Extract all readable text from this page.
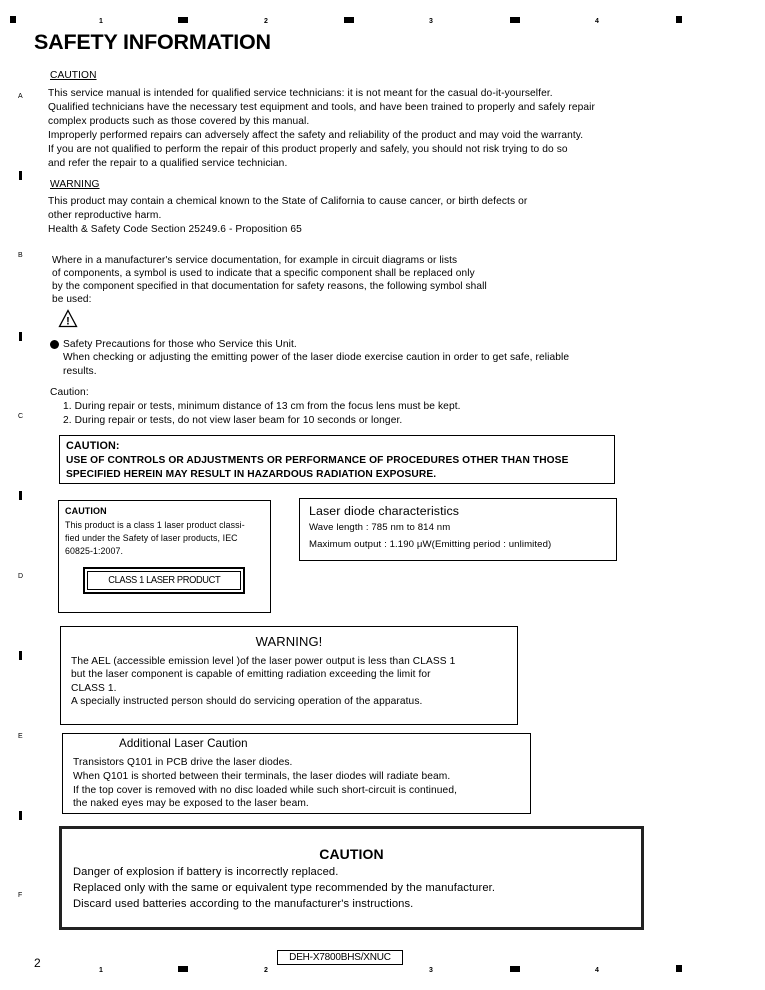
1	2	3	4
1	2	3	4
A
B
C
D
E
F
SAFETY INFORMATION
CAUTION
This service manual is intended for qualified service technicians: it is not meant for the casual do-it-yourselfer.
Qualified technicians have the necessary test equipment and tools, and have been trained to properly and safely repair
complex products such as those covered by this manual.
Improperly performed repairs can adversely affect the safety and reliability of the product and may void the warranty.
If you are not qualified to perform the repair of this product properly and safely, you should not risk trying to do so
and refer the repair to a qualified service technician.
WARNING
This product may contain a chemical known to the State of California to cause cancer, or birth defects or
other reproductive harm.
Health & Safety Code Section 25249.6 - Proposition 65
Where in a manufacturer's service documentation, for example in circuit diagrams or lists
of components, a symbol is used to indicate that a specific component shall be replaced only
by the component specified in that documentation for safety reasons, the following symbol shall
be used:
!
Safety Precautions for those who Service this Unit.
When checking or adjusting the emitting power of the laser diode exercise caution in order to get safe, reliable
results.
Caution:
1. During repair or tests, minimum distance of 13 cm from the focus lens must be kept.
2. During repair or tests, do not view laser beam for 10 seconds or longer.
CAUTION:
USE OF CONTROLS OR ADJUSTMENTS OR PERFORMANCE OF PROCEDURES OTHER THAN THOSE
SPECIFIED HEREIN MAY RESULT IN HAZARDOUS RADIATION EXPOSURE.
CAUTION
This product is a class 1 laser product classi-
fied under the Safety of laser products, IEC
60825-1:2007.
CLASS 1 LASER PRODUCT
Laser diode characteristics
Wave length : 785 nm to 814 nm
Maximum output : 1.190 μW(Emitting period : unlimited)
WARNING!
The AEL (accessible emission level )of the laser power output is less than CLASS 1
but the laser component is capable of emitting radiation exceeding the limit for
CLASS 1.
A specially instructed person should do servicing operation of the apparatus.
Additional Laser Caution
Transistors Q101 in PCB drive the laser diodes.
When Q101 is shorted between their terminals, the laser diodes will radiate beam.
If the top cover is removed with no disc loaded while such short-circuit is continued,
the naked eyes may be exposed to the laser beam.
CAUTION
Danger of explosion if battery is incorrectly replaced.
Replaced only with the same or equivalent type recommended by the manufacturer.
Discard used batteries according to the manufacturer's instructions.
2	DEH-X7800BHS/XNUC
